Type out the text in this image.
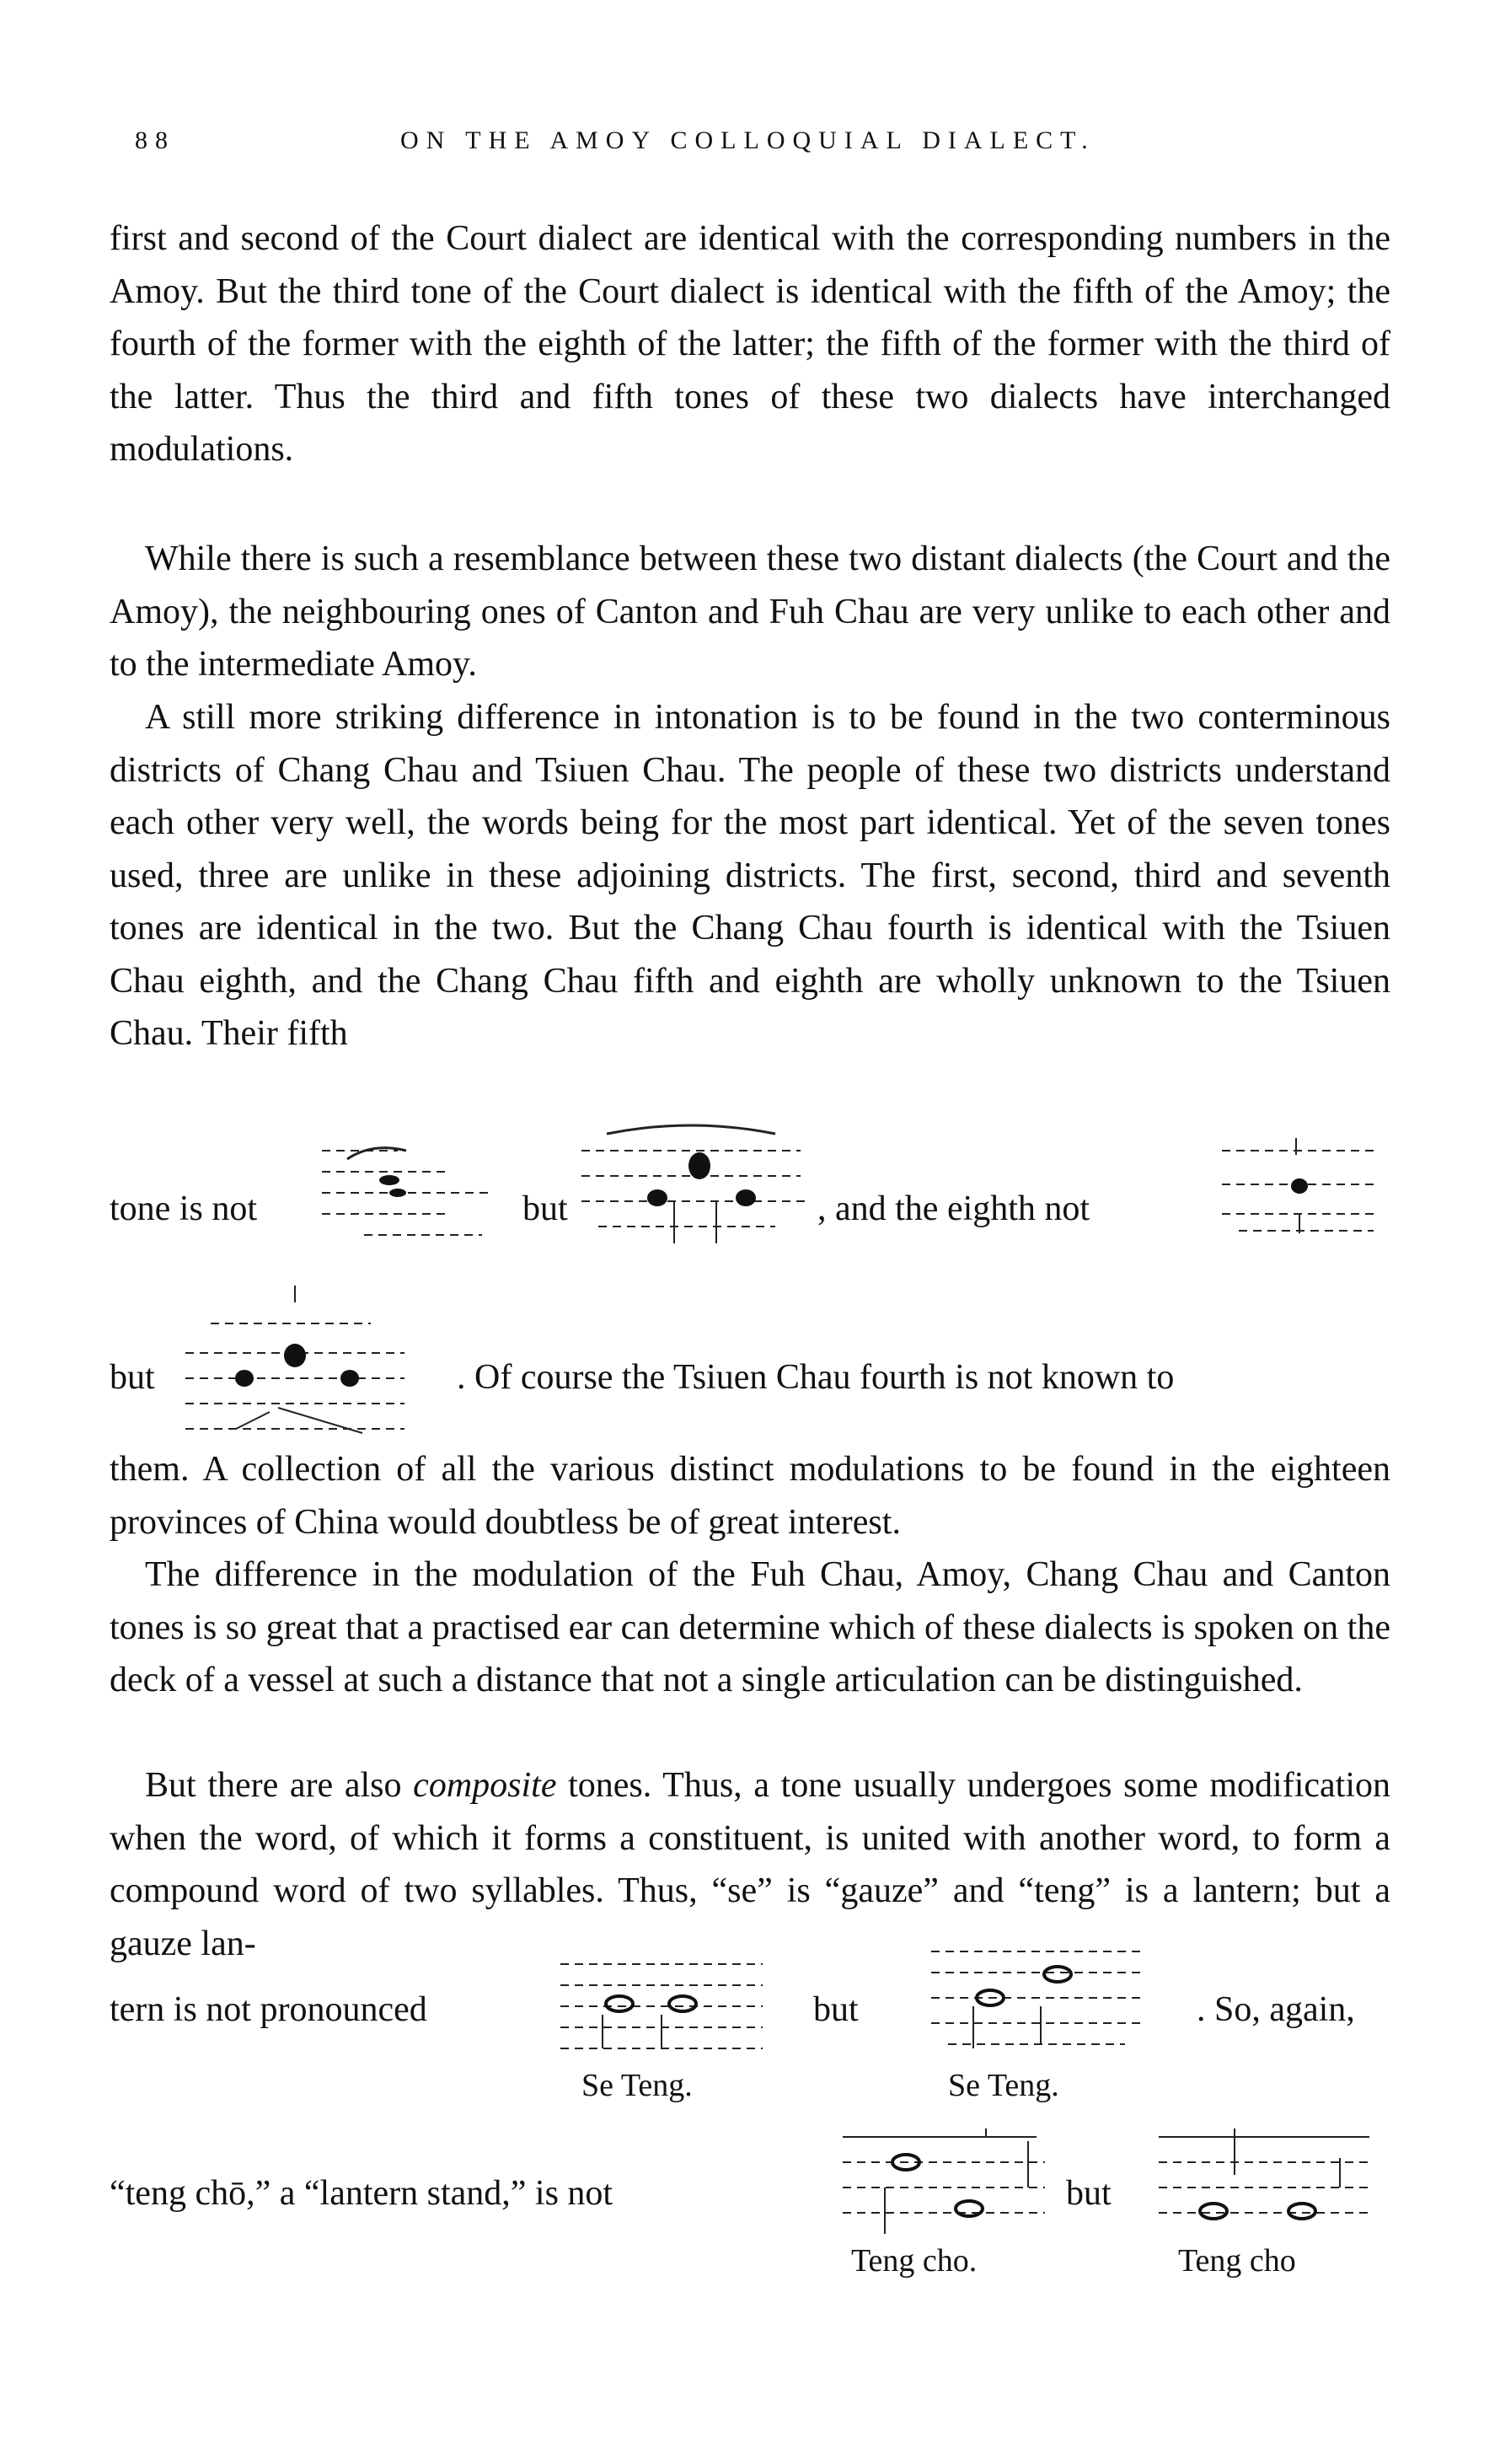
88	ON THE AMOY COLLOQUIAL DIALECT.

first and second of the Court dialect are identical with the corresponding numbers in the Amoy. But the third tone of the Court dialect is identical with the fifth of the Amoy; the fourth of the former with the eighth of the latter; the fifth of the former with the third of the latter. Thus the third and fifth tones of these two dialects have interchanged modulations.

While there is such a resemblance between these two distant dialects (the Court and the Amoy), the neighbouring ones of Canton and Fuh Chau are very unlike to each other and to the intermediate Amoy.

A still more striking difference in intonation is to be found in the two conterminous districts of Chang Chau and Tsiuen Chau. The people of these two districts understand each other very well, the words being for the most part identical. Yet of the seven tones used, three are unlike in these adjoining districts. The first, second, third and seventh tones are identical in the two. But the Chang Chau fourth is identical with the Tsiuen Chau eighth, and the Chang Chau fifth and eighth are wholly unknown to the Tsiuen Chau. Their fifth

tone is not	but	, and the eighth not
but	. Of course the Tsiuen Chau fourth is not known to

them. A collection of all the various distinct modulations to be found in the eighteen provinces of China would doubtless be of great interest.

The difference in the modulation of the Fuh Chau, Amoy, Chang Chau and Canton tones is so great that a practised ear can determine which of these dialects is spoken on the deck of a vessel at such a distance that not a single articulation can be distinguished.

But there are also composite tones. Thus, a tone usually undergoes some modification when the word, of which it forms a constituent, is united with another word, to form a compound word of two syllables. Thus, “se” is “gauze” and “teng” is a lantern; but a gauze lan-

tern is not pronounced	but	. So, again,
Se Teng.	Se Teng.
“teng chō,” a “lantern stand,” is not	but
Teng cho.	Teng cho
